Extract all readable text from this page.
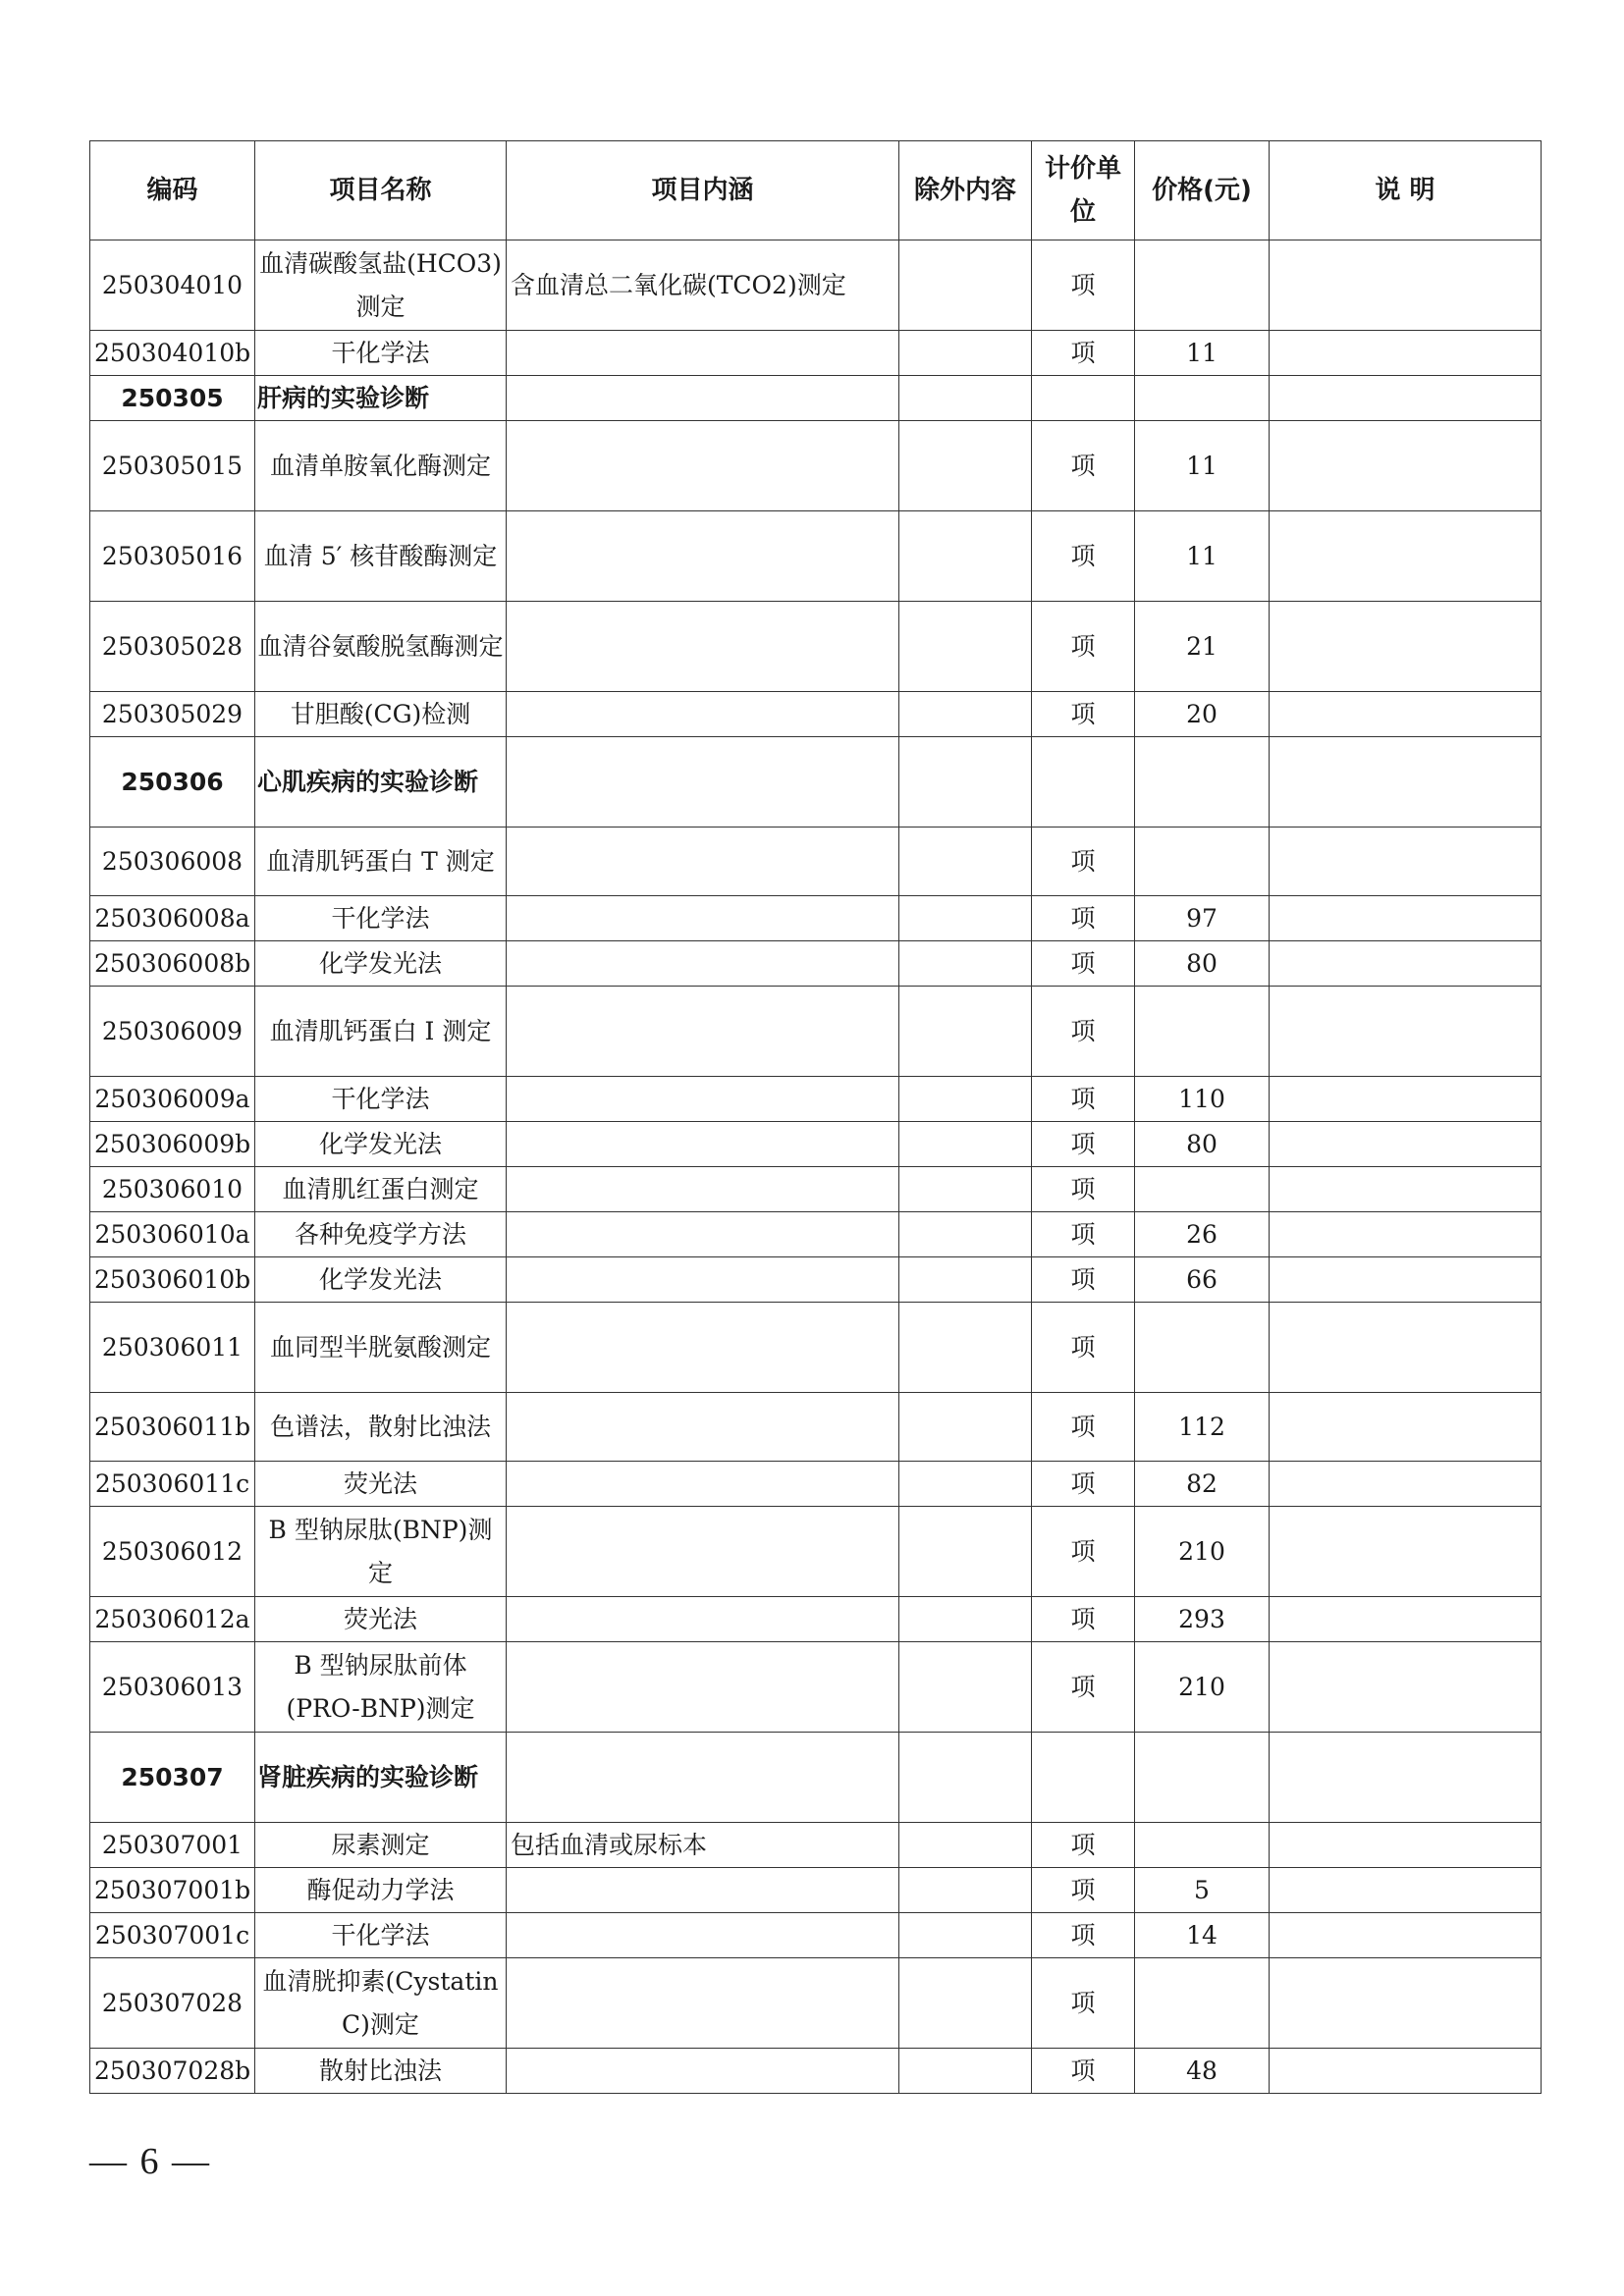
编码	项目名称	项目内涵	除外内容	计价单位	价格(元)	说 明
250304010	血清碳酸氢盐(HCO3)测定	含血清总二氧化碳(TCO2)测定		项		
250304010b	干化学法			项	11	
250305	肝病的实验诊断					
250305015	血清单胺氧化酶测定			项	11	
250305016	血清 5′ 核苷酸酶测定			项	11	
250305028	血清谷氨酸脱氢酶测定			项	21	
250305029	甘胆酸(CG)检测			项	20	
250306	心肌疾病的实验诊断					
250306008	血清肌钙蛋白 T 测定			项		
250306008a	干化学法			项	97	
250306008b	化学发光法			项	80	
250306009	血清肌钙蛋白 I 测定			项		
250306009a	干化学法			项	110	
250306009b	化学发光法			项	80	
250306010	血清肌红蛋白测定			项		
250306010a	各种免疫学方法			项	26	
250306010b	化学发光法			项	66	
250306011	血同型半胱氨酸测定			项		
250306011b	色谱法，散射比浊法			项	112	
250306011c	荧光法			项	82	
250306012	B 型钠尿肽(BNP)测定			项	210	
250306012a	荧光法			项	293	
250306013	B 型钠尿肽前体(PRO-BNP)测定			项	210	
250307	肾脏疾病的实验诊断					
250307001	尿素测定	包括血清或尿标本		项		
250307001b	酶促动力学法			项	5	
250307001c	干化学法			项	14	
250307028	血清胱抑素(Cystatin C)测定			项		
250307028b	散射比浊法			项	48	
— 6 —
